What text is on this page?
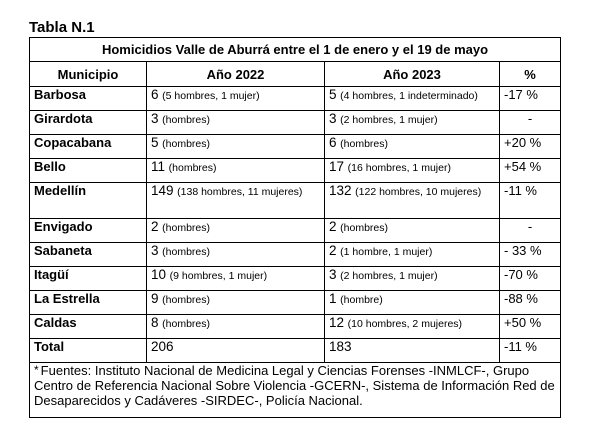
Tabla N.1
Homicidios Valle de Aburrá entre el 1 de enero y el 19 de mayo			
Municipio	Año 2022	Año 2023	%
Barbosa	6 (5 hombres, 1 mujer)	5 (4 hombres, 1 indeterminado)	-17 %
Girardota	3 (hombres)	3 (2 hombres, 1 mujer)	-
Copacabana	5 (hombres)	6 (hombres)	+20 %
Bello	11 (hombres)	17 (16 hombres, 1 mujer)	+54 %
Medellín	149 (138 hombres, 11 mujeres)	132 (122 hombres, 10 mujeres)	-11 %
Envigado	2 (hombres)	2 (hombres)	-
Sabaneta	3 (hombres)	2 (1 hombre, 1 mujer)	- 33 %
Itagüí	10 (9 hombres, 1 mujer)	3 (2 hombres, 1 mujer)	-70 %
La Estrella	9 (hombres)	1 (hombre)	-88 %
Caldas	8 (hombres)	12 (10 hombres, 2 mujeres)	+50 %
Total	206	183	-11 %
* Fuentes: Instituto Nacional de Medicina Legal y Ciencias Forenses -INMLCF-, Grupo Centro de Referencia Nacional Sobre Violencia -GCERN-, Sistema de Información Red de Desaparecidos y Cadáveres -SIRDEC-, Policía Nacional.			
